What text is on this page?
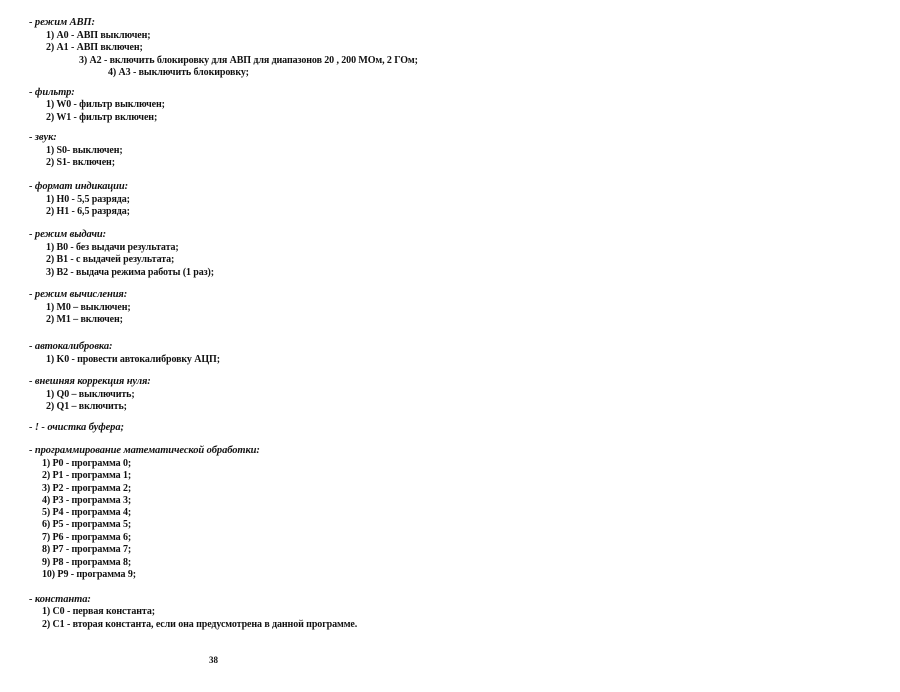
- режим АВП:
1) А0 - АВП выключен;
2) А1 - АВП включен;
3) А2 - включить блокировку для АВП для диапазонов 20 , 200 МОм, 2 ГОм;
4) А3 - выключить блокировку;
- фильтр:
1) W0 - фильтр выключен;
2) W1 - фильтр включен;
- звук:
1) S0- выключен;
2) S1- включен;
- формат индикации:
1) H0 - 5,5 разряда;
2) H1 - 6,5 разряда;
- режим выдачи:
1) B0 - без выдачи результата;
2) B1 - с выдачей результата;
3) B2 - выдача режима работы (1 раз);
- режим вычисления:
1) M0 – выключен;
2) M1 – включен;
- автокалибровка:
1) K0 - провести автокалибровку АЦП;
- внешняя коррекция нуля:
1) Q0 – выключить;
2) Q1 – включить;
- ! - очистка буфера;
- программирование математической обработки:
1) P0 - программа 0;
2) P1 - программа 1;
3) P2 - программа 2;
4) P3 - программа 3;
5) P4 - программа 4;
6) P5 - программа 5;
7) P6 - программа 6;
8) P7 - программа 7;
9) P8 - программа 8;
10) P9 - программа 9;
- константа:
1) C0 - первая константа;
2) C1 - вторая константа, если она предусмотрена в данной программе.
38
